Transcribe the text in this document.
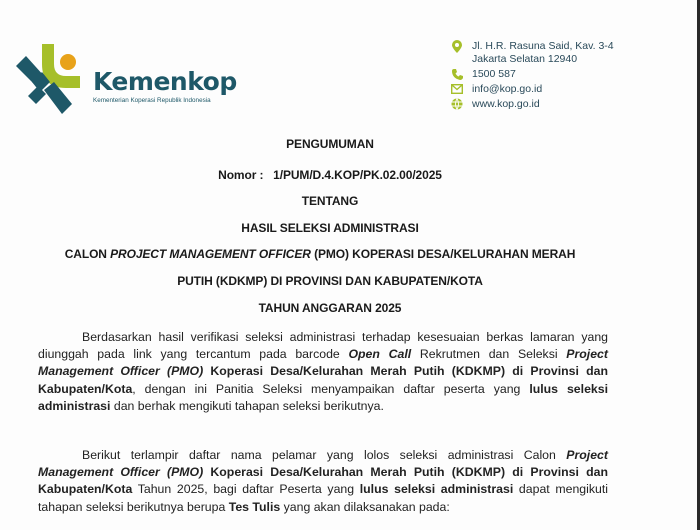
Kemenkop
Kementerian Koperasi Republik Indonesia
Jl. H.R. Rasuna Said, Kav. 3-4
Jakarta Selatan 12940
1500 587
info@kop.go.id
www.kop.go.id
PENGUMUMAN
Nomor : 1/PUM/D.4.KOP/PK.02.00/2025
TENTANG
HASIL SELEKSI ADMINISTRASI
CALON PROJECT MANAGEMENT OFFICER (PMO) KOPERASI DESA/KELURAHAN MERAH
PUTIH (KDKMP) DI PROVINSI DAN KABUPATEN/KOTA
TAHUN ANGGARAN 2025

Berdasarkan hasil verifikasi seleksi administrasi terhadap kesesuaian berkas lamaran yang diunggah pada link yang tercantum pada barcode Open Call Rekrutmen dan Seleksi Project Management Officer (PMO) Koperasi Desa/Kelurahan Merah Putih (KDKMP) di Provinsi dan Kabupaten/Kota, dengan ini Panitia Seleksi menyampaikan daftar peserta yang lulus seleksi administrasi dan berhak mengikuti tahapan seleksi berikutnya.

Berikut terlampir daftar nama pelamar yang lolos seleksi administrasi Calon Project Management Officer (PMO) Koperasi Desa/Kelurahan Merah Putih (KDKMP) di Provinsi dan Kabupaten/Kota Tahun 2025, bagi daftar Peserta yang lulus seleksi administrasi dapat mengikuti tahapan seleksi berikutnya berupa Tes Tulis yang akan dilaksanakan pada:
